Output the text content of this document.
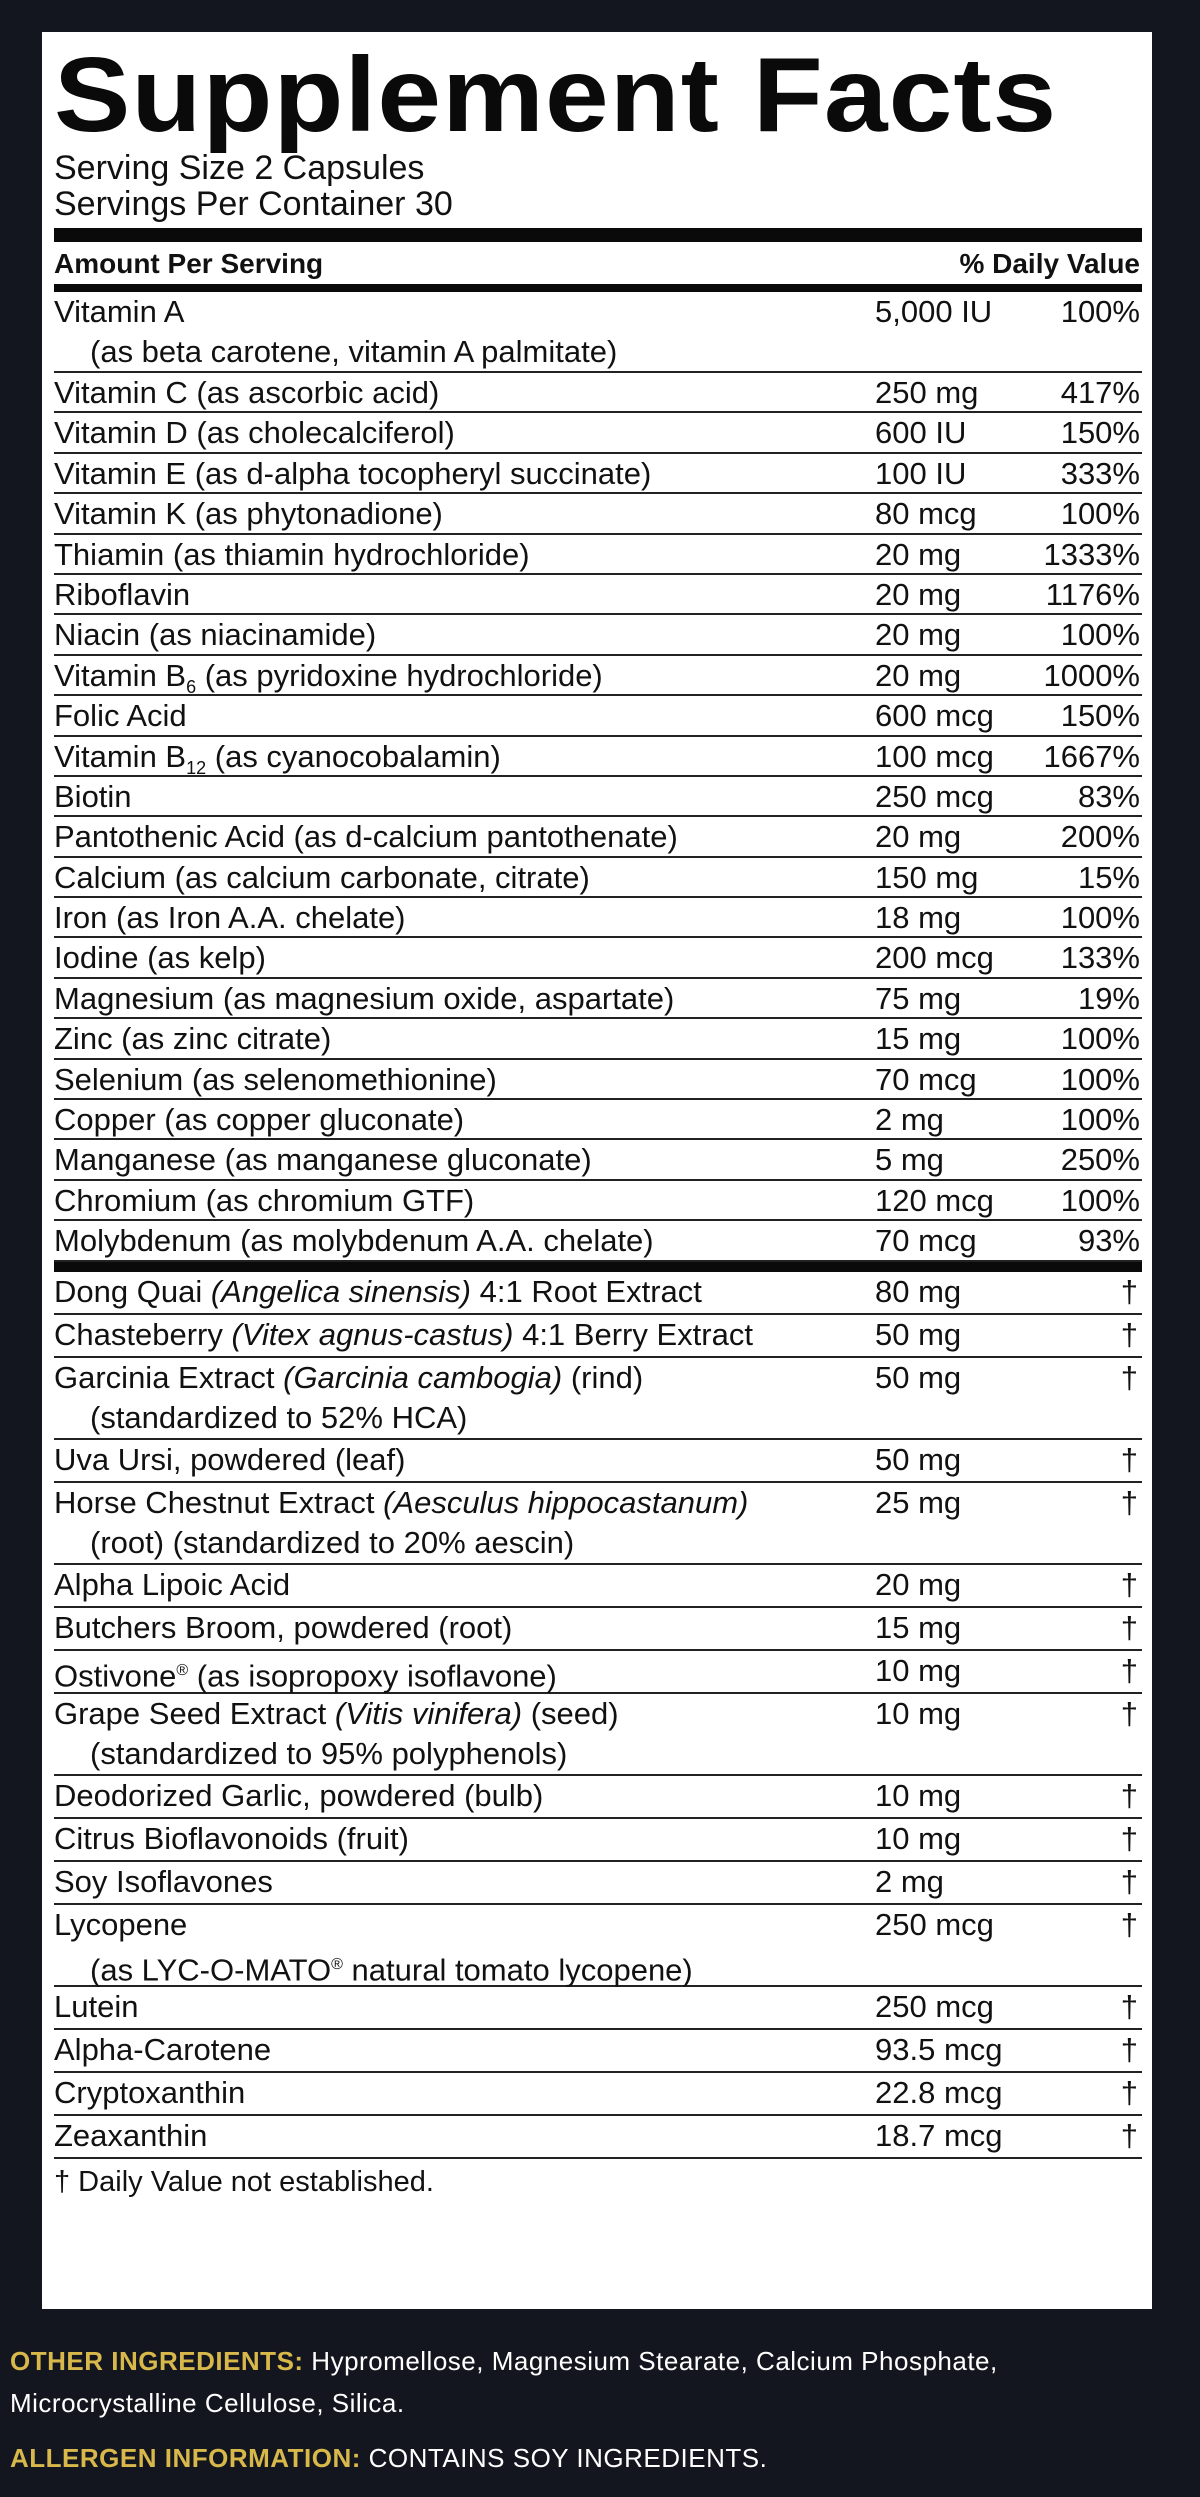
Supplement Facts

Serving Size 2 Capsules

Servings Per Container 30

Amount Per Serving	% Daily Value
Vitamin A
(as beta carotene, vitamin A palmitate)
5,000 IU 100%
Vitamin C (as ascorbic acid)	250 mg	417%
Vitamin D (as cholecalciferol)	600 IU	150%
Vitamin E (as d-alpha tocopheryl succinate)	100 IU	333%
Vitamin K (as phytonadione)	80 mcg	100%
Thiamin (as thiamin hydrochloride)	20 mg	1333%
Riboflavin	20 mg	1176%
Niacin (as niacinamide)	20 mg	100%
Vitamin $B_6$ (as pyridoxine hydrochloride)	20 mg	1000%
Folic Acid	600 mcg 150%
Vitamin $B_{12}$ (as cyanocobalamin)	100 mcg 1667%
Biotin	250 mcg	83%
Pantothenic Acid (as d-calcium pantothenate)	20 mg	200%
Calcium (as calcium carbonate, citrate)	150 mg	15%
Iron (as Iron A.A. chelate)	18 mg	100%
Iodine (as kelp)	200 mcg 133%
Magnesium (as magnesium oxide, aspartate)	75 mg	19%
Zinc (as zinc citrate)	15 mg	100%
Selenium (as selenomethionine)	70 mcg	100%
Copper (as copper gluconate)	2 mg	100%
Manganese (as manganese gluconate)	5 mg	250%
Chromium (as chromium GTF)	120 mcg 100%
Molybdenum (as molybdenum A.A. chelate)	70 mcg	93%
Dong Quai (Angelica sinensis) 4:1 Root Extract	80 mg	†
Chasteberry (Vitex agnus-castus) 4:1 Berry Extract	50 mg	†
Garcinia Extract (Garcinia cambogia) (rind)
(standardized to 52% HCA)
50 mg	†
Uva Ursi, powdered (leaf)	50 mg	†
Horse Chestnut Extract (Aesculus hippocastanum)
(root) (standardized to 20% aescin)
25 mg	†
Alpha Lipoic Acid	20 mg	†
Butchers Broom, powdered (root)	15 mg	†
Ostivone® (as isopropoxy isoflavone)	10 mg	†
Grape Seed Extract (Vitis vinifera) (seed)
(standardized to 95% polyphenols)
10 mg	†
Deodorized Garlic, powdered (bulb)	10 mg	†
Citrus Bioflavonoids (fruit)	10 mg	†
Soy Isoflavones	2 mg	†
Lycopene
(as LYC-O-MATO® natural tomato lycopene)
250 mcg	†
Lutein	250 mcg	†
Alpha-Carotene	93.5 mcg	†
Cryptoxanthin	22.8 mcg	†
Zeaxanthin	18.7 mcg	†
† Daily Value not established.
OTHER INGREDIENTS: Hypromellose, Magnesium Stearate, Calcium Phosphate, Microcrystalline Cellulose, Silica.
ALLERGEN INFORMATION: CONTAINS SOY INGREDIENTS.
